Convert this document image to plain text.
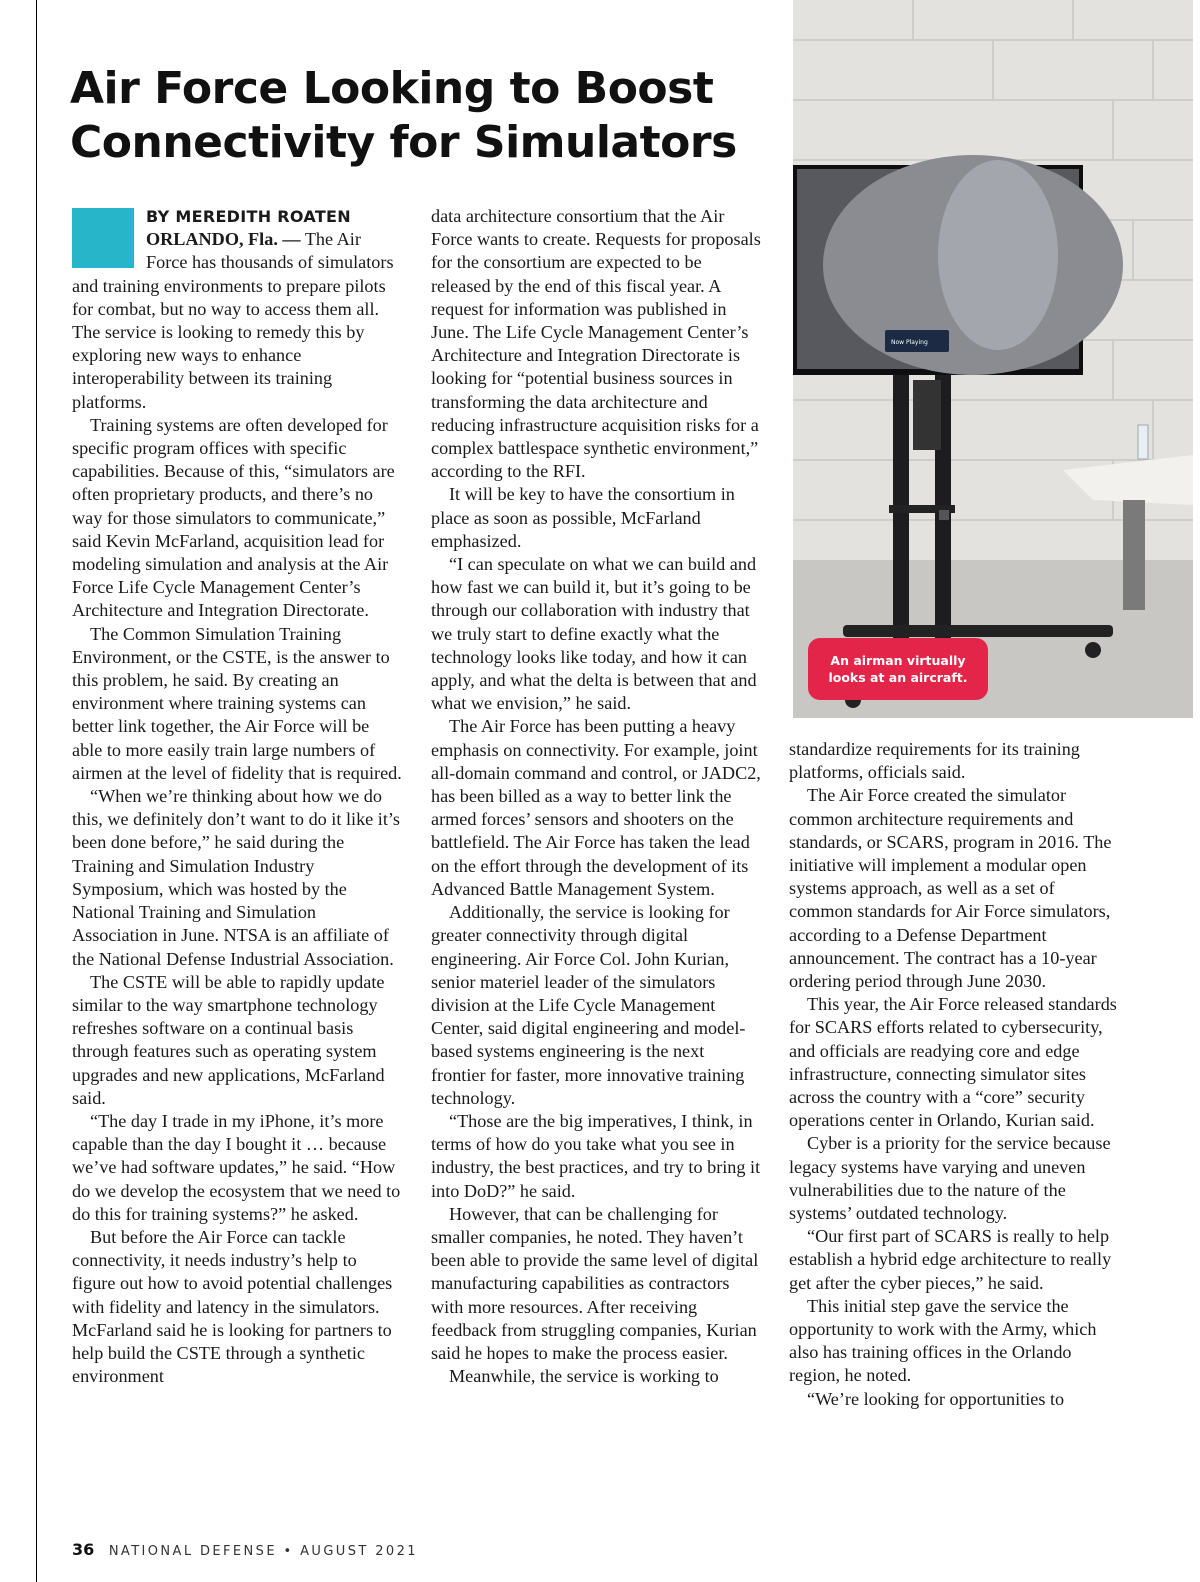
Air Force Looking to Boost
Connectivity for Simulators
BY MEREDITH ROATEN

ORLANDO, Fla. — The Air Force has thousands of simulators and training environments to prepare pilots for combat, but no way to access them all. The service is looking to remedy this by exploring new ways to enhance interoperability between its training platforms.

Training systems are often developed for specific program offices with specific capabilities. Because of this, “simulators are often proprietary products, and there’s no way for those simulators to communicate,” said Kevin McFarland, acquisition lead for modeling simulation and analysis at the Air Force Life Cycle Management Center’s Architecture and Integration Directorate.

The Common Simulation Training Environment, or the CSTE, is the answer to this problem, he said. By creating an environment where training systems can better link together, the Air Force will be able to more easily train large numbers of airmen at the level of fidelity that is required.

“When we’re thinking about how we do this, we definitely don’t want to do it like it’s been done before,” he said during the Training and Simulation Industry Symposium, which was hosted by the National Training and Simulation Association in June. NTSA is an affiliate of the National Defense Industrial Association.

The CSTE will be able to rapidly update similar to the way smartphone technology refreshes software on a continual basis through features such as operating system upgrades and new applications, McFarland said.

“The day I trade in my iPhone, it’s more capable than the day I bought it … because we’ve had software updates,” he said. “How do we develop the ecosystem that we need to do this for training systems?” he asked.

But before the Air Force can tackle connectivity, it needs industry’s help to figure out how to avoid potential challenges with fidelity and latency in the simulators. McFarland said he is looking for partners to help build the CSTE through a synthetic environment

data architecture consortium that the Air Force wants to create. Requests for proposals for the consortium are expected to be released by the end of this fiscal year. A request for information was published in June. The Life Cycle Management Center’s Architecture and Integration Directorate is looking for “potential business sources in transforming the data architecture and reducing infrastructure acquisition risks for a complex battlespace synthetic environment,” according to the RFI.

It will be key to have the consortium in place as soon as possible, McFarland emphasized.

“I can speculate on what we can build and how fast we can build it, but it’s going to be through our collaboration with industry that we truly start to define exactly what the technology looks like today, and how it can apply, and what the delta is between that and what we envision,” he said.

The Air Force has been putting a heavy emphasis on connectivity. For example, joint all-domain command and control, or JADC2, has been billed as a way to better link the armed forces’ sensors and shooters on the battlefield. The Air Force has taken the lead on the effort through the development of its Advanced Battle Management System.

Additionally, the service is looking for greater connectivity through digital engineering. Air Force Col. John Kurian, senior materiel leader of the simulators division at the Life Cycle Management Center, said digital engineering and model-based systems engineering is the next frontier for faster, more innovative training technology.

“Those are the big imperatives, I think, in terms of how do you take what you see in industry, the best practices, and try to bring it into DoD?” he said.

However, that can be challenging for smaller companies, he noted. They haven’t been able to provide the same level of digital manufacturing capabilities as contractors with more resources. After receiving feedback from struggling companies, Kurian said he hopes to make the process easier.

Meanwhile, the service is working to

Now Playing
An airman virtually
looks at an aircraft.

standardize requirements for its training platforms, officials said.

The Air Force created the simulator common architecture requirements and standards, or SCARS, program in 2016. The initiative will implement a modular open systems approach, as well as a set of common standards for Air Force simulators, according to a Defense Department announcement. The contract has a 10-year ordering period through June 2030.

This year, the Air Force released standards for SCARS efforts related to cybersecurity, and officials are readying core and edge infrastructure, connecting simulator sites across the country with a “core” security operations center in Orlando, Kurian said.

Cyber is a priority for the service because legacy systems have varying and uneven vulnerabilities due to the nature of the systems’ outdated technology.

“Our first part of SCARS is really to help establish a hybrid edge architecture to really get after the cyber pieces,” he said.

This initial step gave the service the opportunity to work with the Army, which also has training offices in the Orlando region, he noted.

“We’re looking for opportunities to

36 NATIONAL DEFENSE • AUGUST 2021
